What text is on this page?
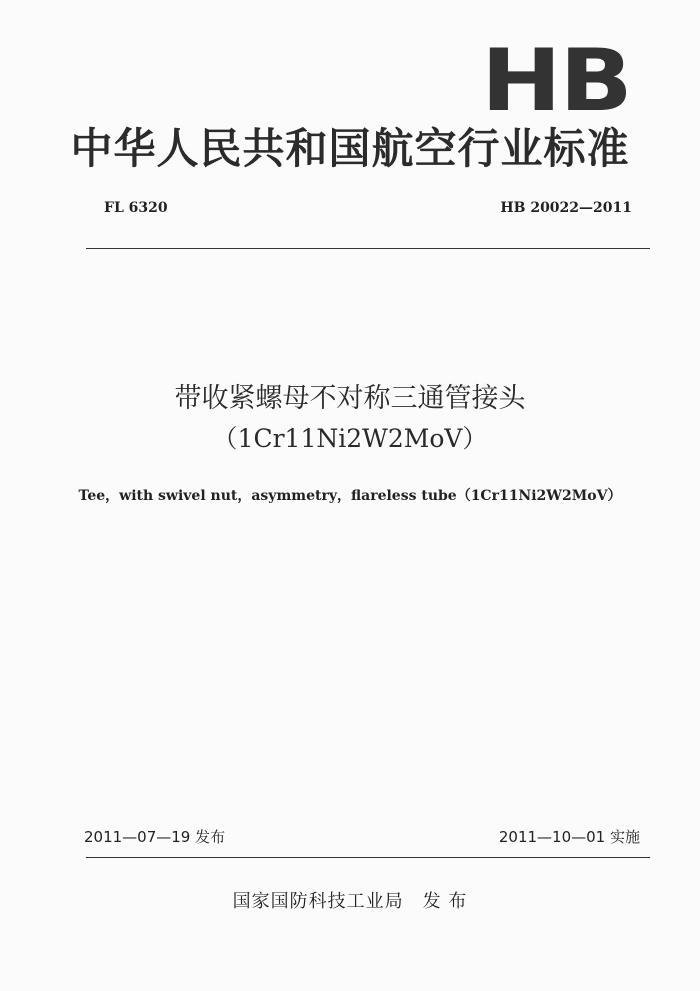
HB
中华人民共和国航空行业标准
FL 6320	HB 20022—2011
带收紧螺母不对称三通管接头
（1Cr11Ni2W2MoV）
Tee，with swivel nut，asymmetry，flareless tube（1Cr11Ni2W2MoV）
2011—07—19 发布	2011—10—01 实施
国家国防科技工业局　发 布
